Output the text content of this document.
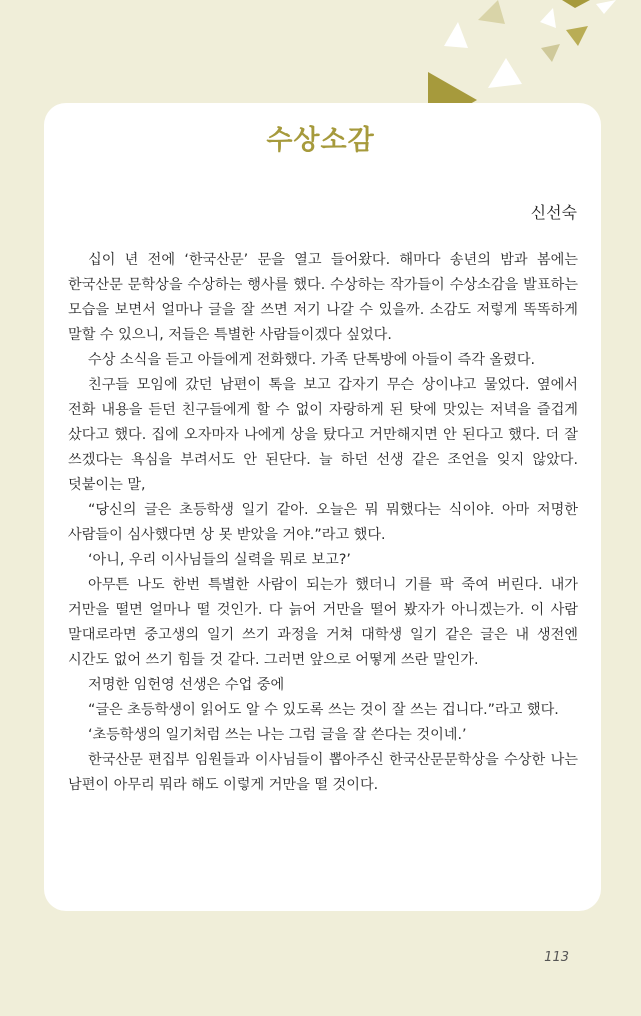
수상소감
신선숙

십이 년 전에 ‘한국산문’ 문을 열고 들어왔다. 해마다 송년의 밤과 봄에는 한국산문 문학상을 수상하는 행사를 했다. 수상하는 작가들이 수상소감을 발표하는 모습을 보면서 얼마나 글을 잘 쓰면 저기 나갈 수 있을까. 소감도 저렇게 똑똑하게 말할 수 있으니, 저들은 특별한 사람들이겠다 싶었다.

수상 소식을 듣고 아들에게 전화했다. 가족 단톡방에 아들이 즉각 올렸다.

친구들 모임에 갔던 남편이 톡을 보고 갑자기 무슨 상이냐고 물었다. 옆에서 전화 내용을 듣던 친구들에게 할 수 없이 자랑하게 된 탓에 맛있는 저녁을 즐겁게 샀다고 했다. 집에 오자마자 나에게 상을 탔다고 거만해지면 안 된다고 했다. 더 잘 쓰겠다는 욕심을 부려서도 안 된단다. 늘 하던 선생 같은 조언을 잊지 않았다. 덧붙이는 말,

“당신의 글은 초등학생 일기 같아. 오늘은 뭐 뭐했다는 식이야. 아마 저명한 사람들이 심사했다면 상 못 받았을 거야.”라고 했다.

‘아니, 우리 이사님들의 실력을 뭐로 보고?’

아무튼 나도 한번 특별한 사람이 되는가 했더니 기를 팍 죽여 버린다. 내가 거만을 떨면 얼마나 떨 것인가. 다 늙어 거만을 떨어 봤자가 아니겠는가. 이 사람 말대로라면 중고생의 일기 쓰기 과정을 거쳐 대학생 일기 같은 글은 내 생전엔 시간도 없어 쓰기 힘들 것 같다. 그러면 앞으로 어떻게 쓰란 말인가.

저명한 임헌영 선생은 수업 중에

“글은 초등학생이 읽어도 알 수 있도록 쓰는 것이 잘 쓰는 겁니다.”라고 했다.

‘초등학생의 일기처럼 쓰는 나는 그럼 글을 잘 쓴다는 것이네.’

한국산문 편집부 임원들과 이사님들이 뽑아주신 한국산문문학상을 수상한 나는 남편이 아무리 뭐라 해도 이렇게 거만을 떨 것이다.

113
